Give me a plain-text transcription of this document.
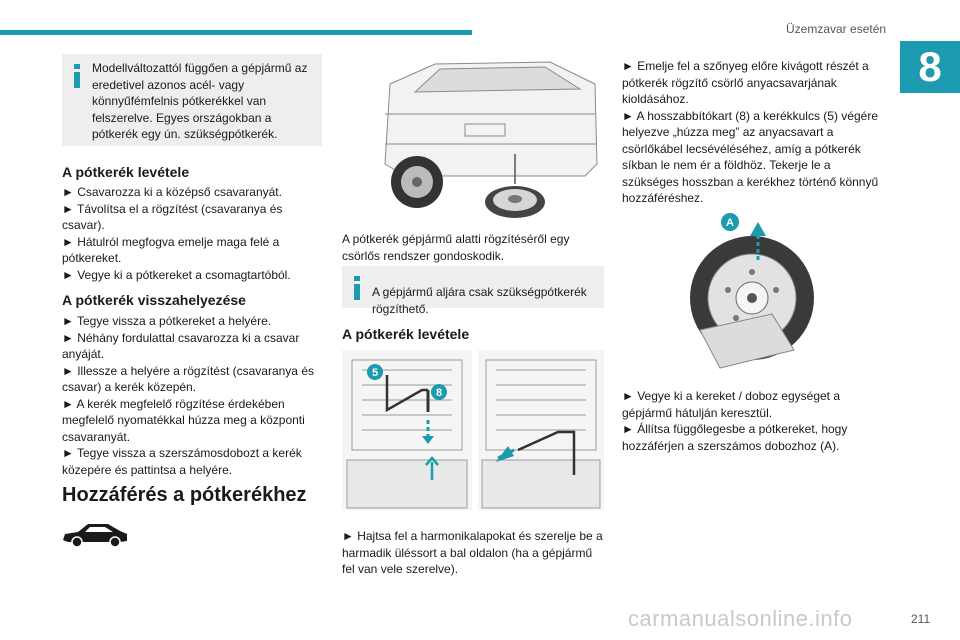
Üzemzavar esetén
8

Modellváltozattól függően a gépjármű az eredetivel azonos acél- vagy könnyűfémfelnis pótkerékkel van felszerelve. Egyes országokban a pótkerék egy ún. szükségpótkerék.

A pótkerék levétele

► Csavarozza ki a középső csavaranyát.

► Távolítsa el a rögzítést (csavaranya és csavar).

► Hátulról megfogva emelje maga felé a pótkereket.

► Vegye ki a pótkereket a csomagtartóból.

A pótkerék visszahelyezése

► Tegye vissza a pótkereket a helyére.

► Néhány fordulattal csavarozza ki a csavar anyáját.

► Illessze a helyére a rögzítést (csavaranya és csavar) a kerék közepén.

► A kerék megfelelő rögzítése érdekében megfelelő nyomatékkal húzza meg a központi csavaranyát.

► Tegye vissza a szerszámosdobozt a kerék közepére és pattintsa a helyére.

Hozzáférés a pótkerékhez

A pótkerék gépjármű alatti rögzítéséről egy csörlős rendszer gondoskodik.

A gépjármű aljára csak szükségpótkerék rögzíthető.

A pótkerék levétele
5
8

► Hajtsa fel a harmonikalapokat és szerelje be a harmadik üléssort a bal oldalon (ha a gépjármű fel van vele szerelve).

► Emelje fel a szőnyeg előre kivágott részét a pótkerék rögzítő csörlő anyacsavarjának kioldásához.

► A hosszabbítókart (8) a kerékkulcs (5) végére helyezve „húzza meg” az anyacsavart a csörlőkábel lecsévéléséhez, amíg a pótkerék síkban le nem ér a földhöz. Tekerje le a szükséges hosszban a kerékhez történő könnyű hozzáféréshez.

A

► Vegye ki a kereket / doboz egységet a gépjármű hátulján keresztül.

► Állítsa függőlegesbe a pótkereket, hogy hozzáférjen a szerszámos dobozhoz (A).

211
carmanualsonline.info
